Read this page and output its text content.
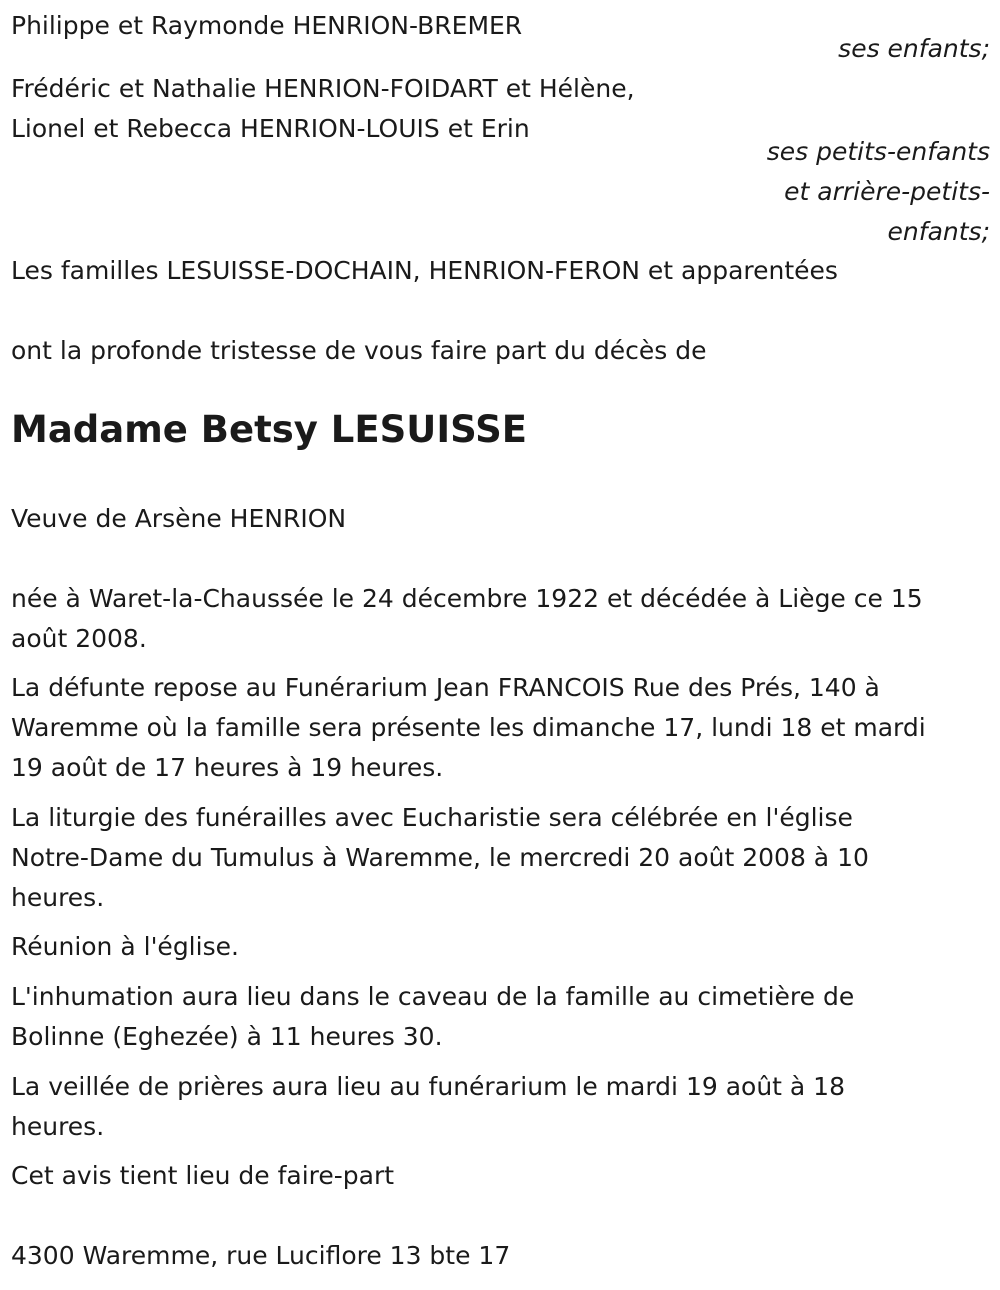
Philippe et Raymonde HENRION-BREMER

ses enfants;

Frédéric et Nathalie HENRION-FOIDART et Hélène,
Lionel et Rebecca HENRION-LOUIS et Erin

ses petits-enfants
et arrière-petits-
enfants;

Les familles LESUISSE-DOCHAIN, HENRION-FERON et apparentées

ont la profonde tristesse de vous faire part du décès de

Madame Betsy LESUISSE

Veuve de Arsène HENRION

née à Waret-la-Chaussée le 24 décembre 1922 et décédée à Liège ce 15
août 2008.

La défunte repose au Funérarium Jean FRANCOIS Rue des Prés, 140 à
Waremme où la famille sera présente les dimanche 17, lundi 18 et mardi
19 août de 17 heures à 19 heures.

La liturgie des funérailles avec Eucharistie sera célébrée en l'église
Notre-Dame du Tumulus à Waremme, le mercredi 20 août 2008 à 10
heures.

Réunion à l'église.

L'inhumation aura lieu dans le caveau de la famille au cimetière de
Bolinne (Eghezée) à 11 heures 30.

La veillée de prières aura lieu au funérarium le mardi 19 août à 18
heures.

Cet avis tient lieu de faire-part

4300 Waremme, rue Luciflore 13 bte 17
